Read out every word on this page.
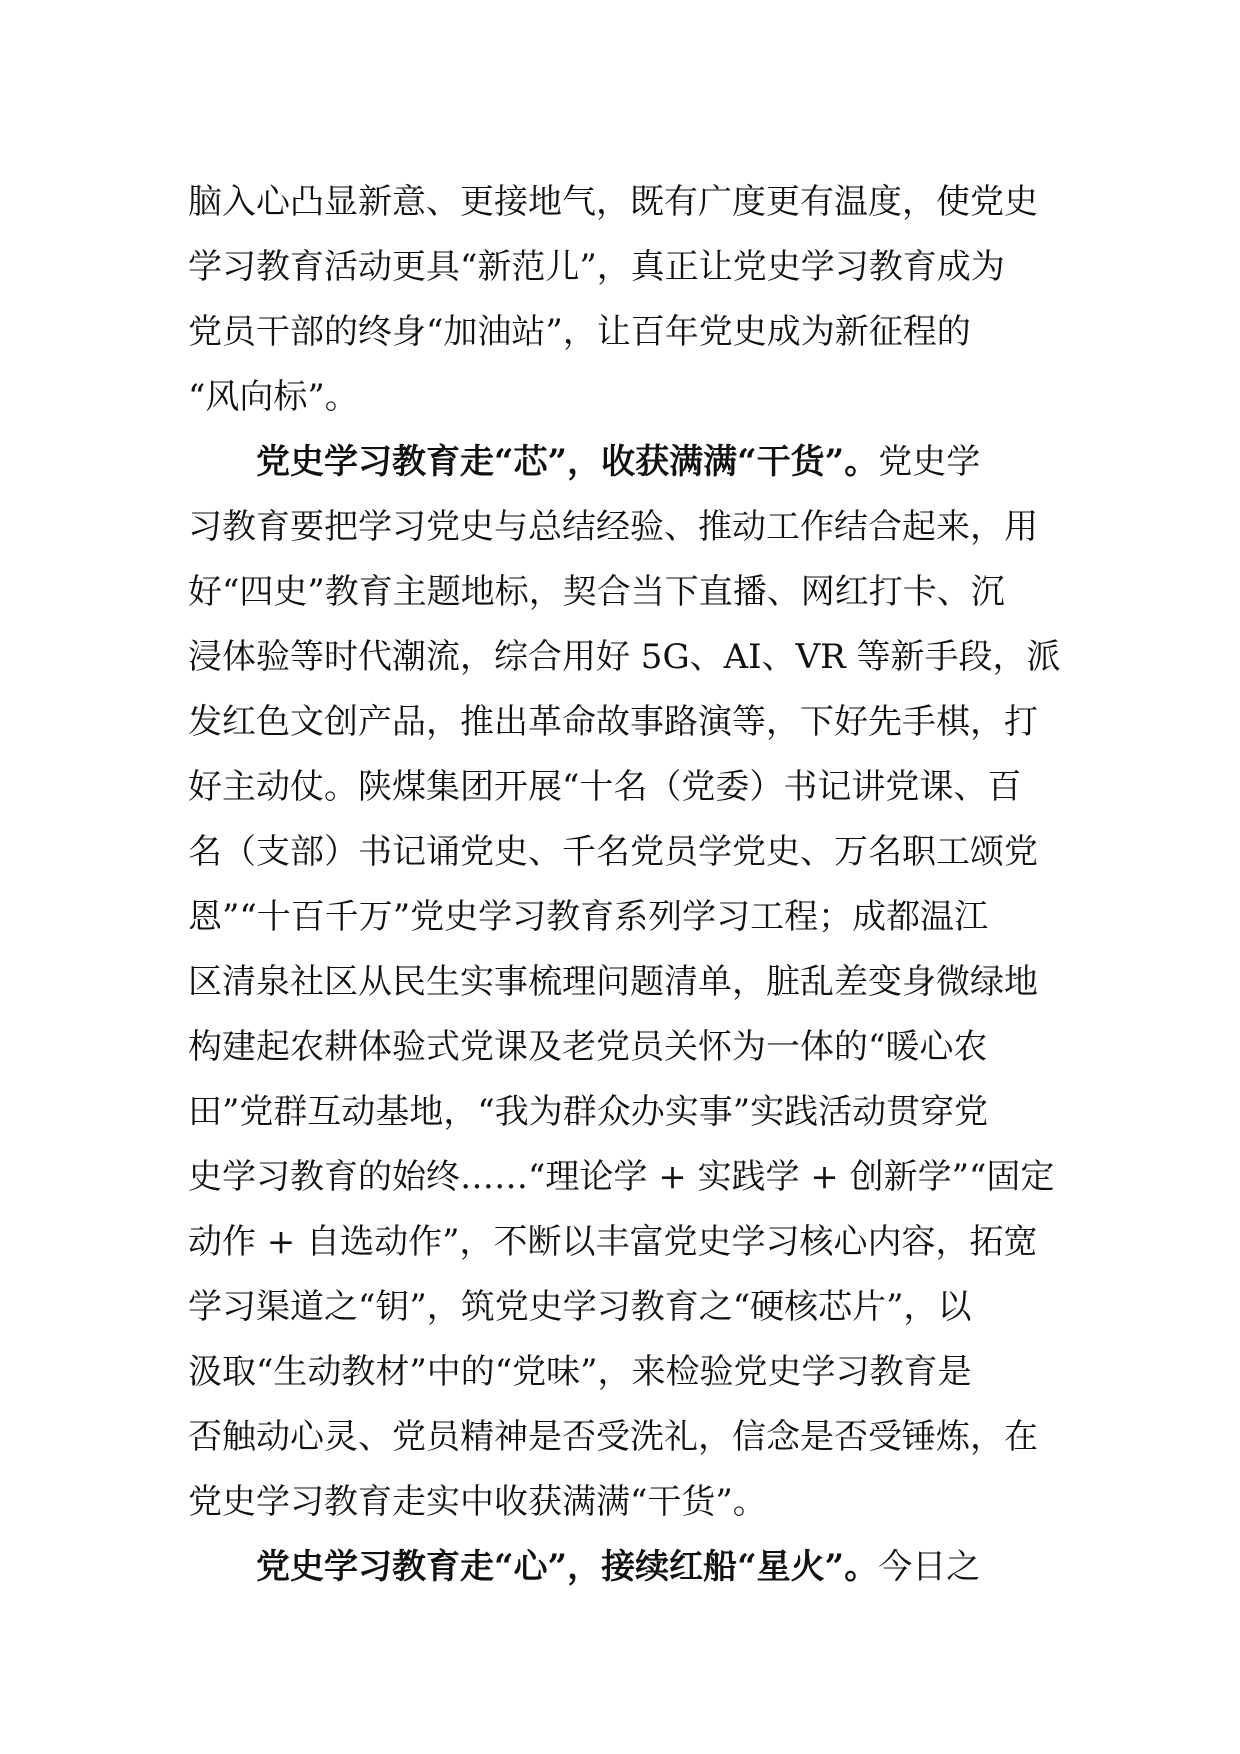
脑入心凸显新意、更接地气，既有广度更有温度，使党史
学习教育活动更具“新范儿”，真正让党史学习教育成为
党员干部的终身“加油站”，让百年党史成为新征程的
“风向标”。
党史学习教育走“芯”，收获满满“干货”。党史学
习教育要把学习党史与总结经验、推动工作结合起来，用
好“四史”教育主题地标，契合当下直播、网红打卡、沉
浸体验等时代潮流，综合用好 5G、AI、VR 等新手段，派
发红色文创产品，推出革命故事路演等，下好先手棋，打
好主动仗。陕煤集团开展“十名（党委）书记讲党课、百
名（支部）书记诵党史、千名党员学党史、万名职工颂党
恩”“十百千万”党史学习教育系列学习工程；成都温江
区清泉社区从民生实事梳理问题清单，脏乱差变身微绿地
构建起农耕体验式党课及老党员关怀为一体的“暖心农
田”党群互动基地，“我为群众办实事”实践活动贯穿党
史学习教育的始终……“理论学 + 实践学 + 创新学”“固定
动作 + 自选动作”，不断以丰富党史学习核心内容，拓宽
学习渠道之“钥”，筑党史学习教育之“硬核芯片”，以
汲取“生动教材”中的“党味”，来检验党史学习教育是
否触动心灵、党员精神是否受洗礼，信念是否受锤炼，在
党史学习教育走实中收获满满“干货”。
党史学习教育走“心”，接续红船“星火”。今日之
